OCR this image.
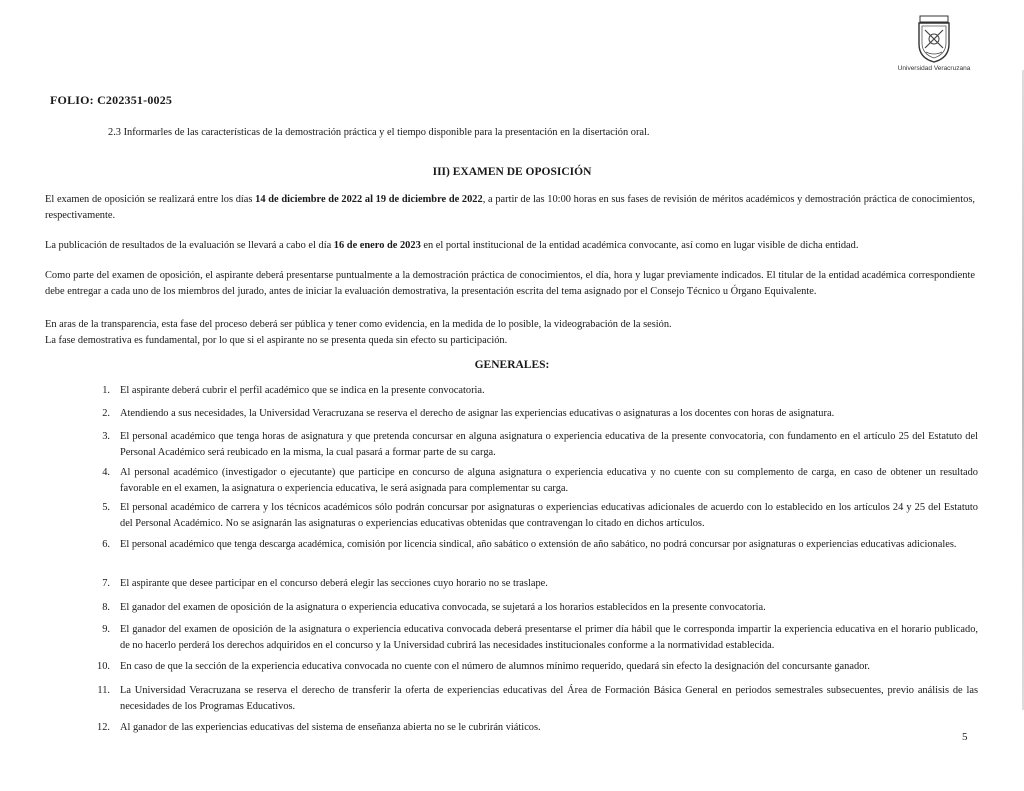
Universidad Veracruzana
FOLIO: C202351-0025
2.3 Informarles de las características de la demostración práctica y el tiempo disponible para la presentación en la disertación oral.
III) EXAMEN DE OPOSICIÓN
El examen de oposición se realizará entre los días 14 de diciembre de 2022 al 19 de diciembre de 2022, a partir de las 10:00 horas en sus fases de revisión de méritos académicos y demostración práctica de conocimientos, respectivamente.
La publicación de resultados de la evaluación se llevará a cabo el día 16 de enero de 2023 en el portal institucional de la entidad académica convocante, así como en lugar visible de dicha entidad.
Como parte del examen de oposición, el aspirante deberá presentarse puntualmente a la demostración práctica de conocimientos, el día, hora y lugar previamente indicados. El titular de la entidad académica correspondiente debe entregar a cada uno de los miembros del jurado, antes de iniciar la evaluación demostrativa, la presentación escrita del tema asignado por el Consejo Técnico u Órgano Equivalente.
En aras de la transparencia, esta fase del proceso deberá ser pública y tener como evidencia, en la medida de lo posible, la videograbación de la sesión.
La fase demostrativa es fundamental, por lo que si el aspirante no se presenta queda sin efecto su participación.
GENERALES:
1. El aspirante deberá cubrir el perfil académico que se indica en la presente convocatoria.
2. Atendiendo a sus necesidades, la Universidad Veracruzana se reserva el derecho de asignar las experiencias educativas o asignaturas a los docentes con horas de asignatura.
3. El personal académico que tenga horas de asignatura y que pretenda concursar en alguna asignatura o experiencia educativa de la presente convocatoria, con fundamento en el artículo 25 del Estatuto del Personal Académico será reubicado en la misma, la cual pasará a formar parte de su carga.
4. Al personal académico (investigador o ejecutante) que participe en concurso de alguna asignatura o experiencia educativa y no cuente con su complemento de carga, en caso de obtener un resultado favorable en el examen, la asignatura o experiencia educativa, le será asignada para complementar su carga.
5. El personal académico de carrera y los técnicos académicos sólo podrán concursar por asignaturas o experiencias educativas adicionales de acuerdo con lo establecido en los artículos 24 y 25 del Estatuto del Personal Académico. No se asignarán las asignaturas o experiencias educativas obtenidas que contravengan lo citado en dichos artículos.
6. El personal académico que tenga descarga académica, comisión por licencia sindical, año sabático o extensión de año sabático, no podrá concursar por asignaturas o experiencias educativas adicionales.
7. El aspirante que desee participar en el concurso deberá elegir las secciones cuyo horario no se traslape.
8. El ganador del examen de oposición de la asignatura o experiencia educativa convocada, se sujetará a los horarios establecidos en la presente convocatoria.
9. El ganador del examen de oposición de la asignatura o experiencia educativa convocada deberá presentarse el primer día hábil que le corresponda impartir la experiencia educativa en el horario publicado, de no hacerlo perderá los derechos adquiridos en el concurso y la Universidad cubrirá las necesidades institucionales conforme a la normatividad establecida.
10. En caso de que la sección de la experiencia educativa convocada no cuente con el número de alumnos mínimo requerido, quedará sin efecto la designación del concursante ganador.
11. La Universidad Veracruzana se reserva el derecho de transferir la oferta de experiencias educativas del Área de Formación Básica General en periodos semestrales subsecuentes, previo análisis de las necesidades de los Programas Educativos.
12. Al ganador de las experiencias educativas del sistema de enseñanza abierta no se le cubrirán viáticos.
5
